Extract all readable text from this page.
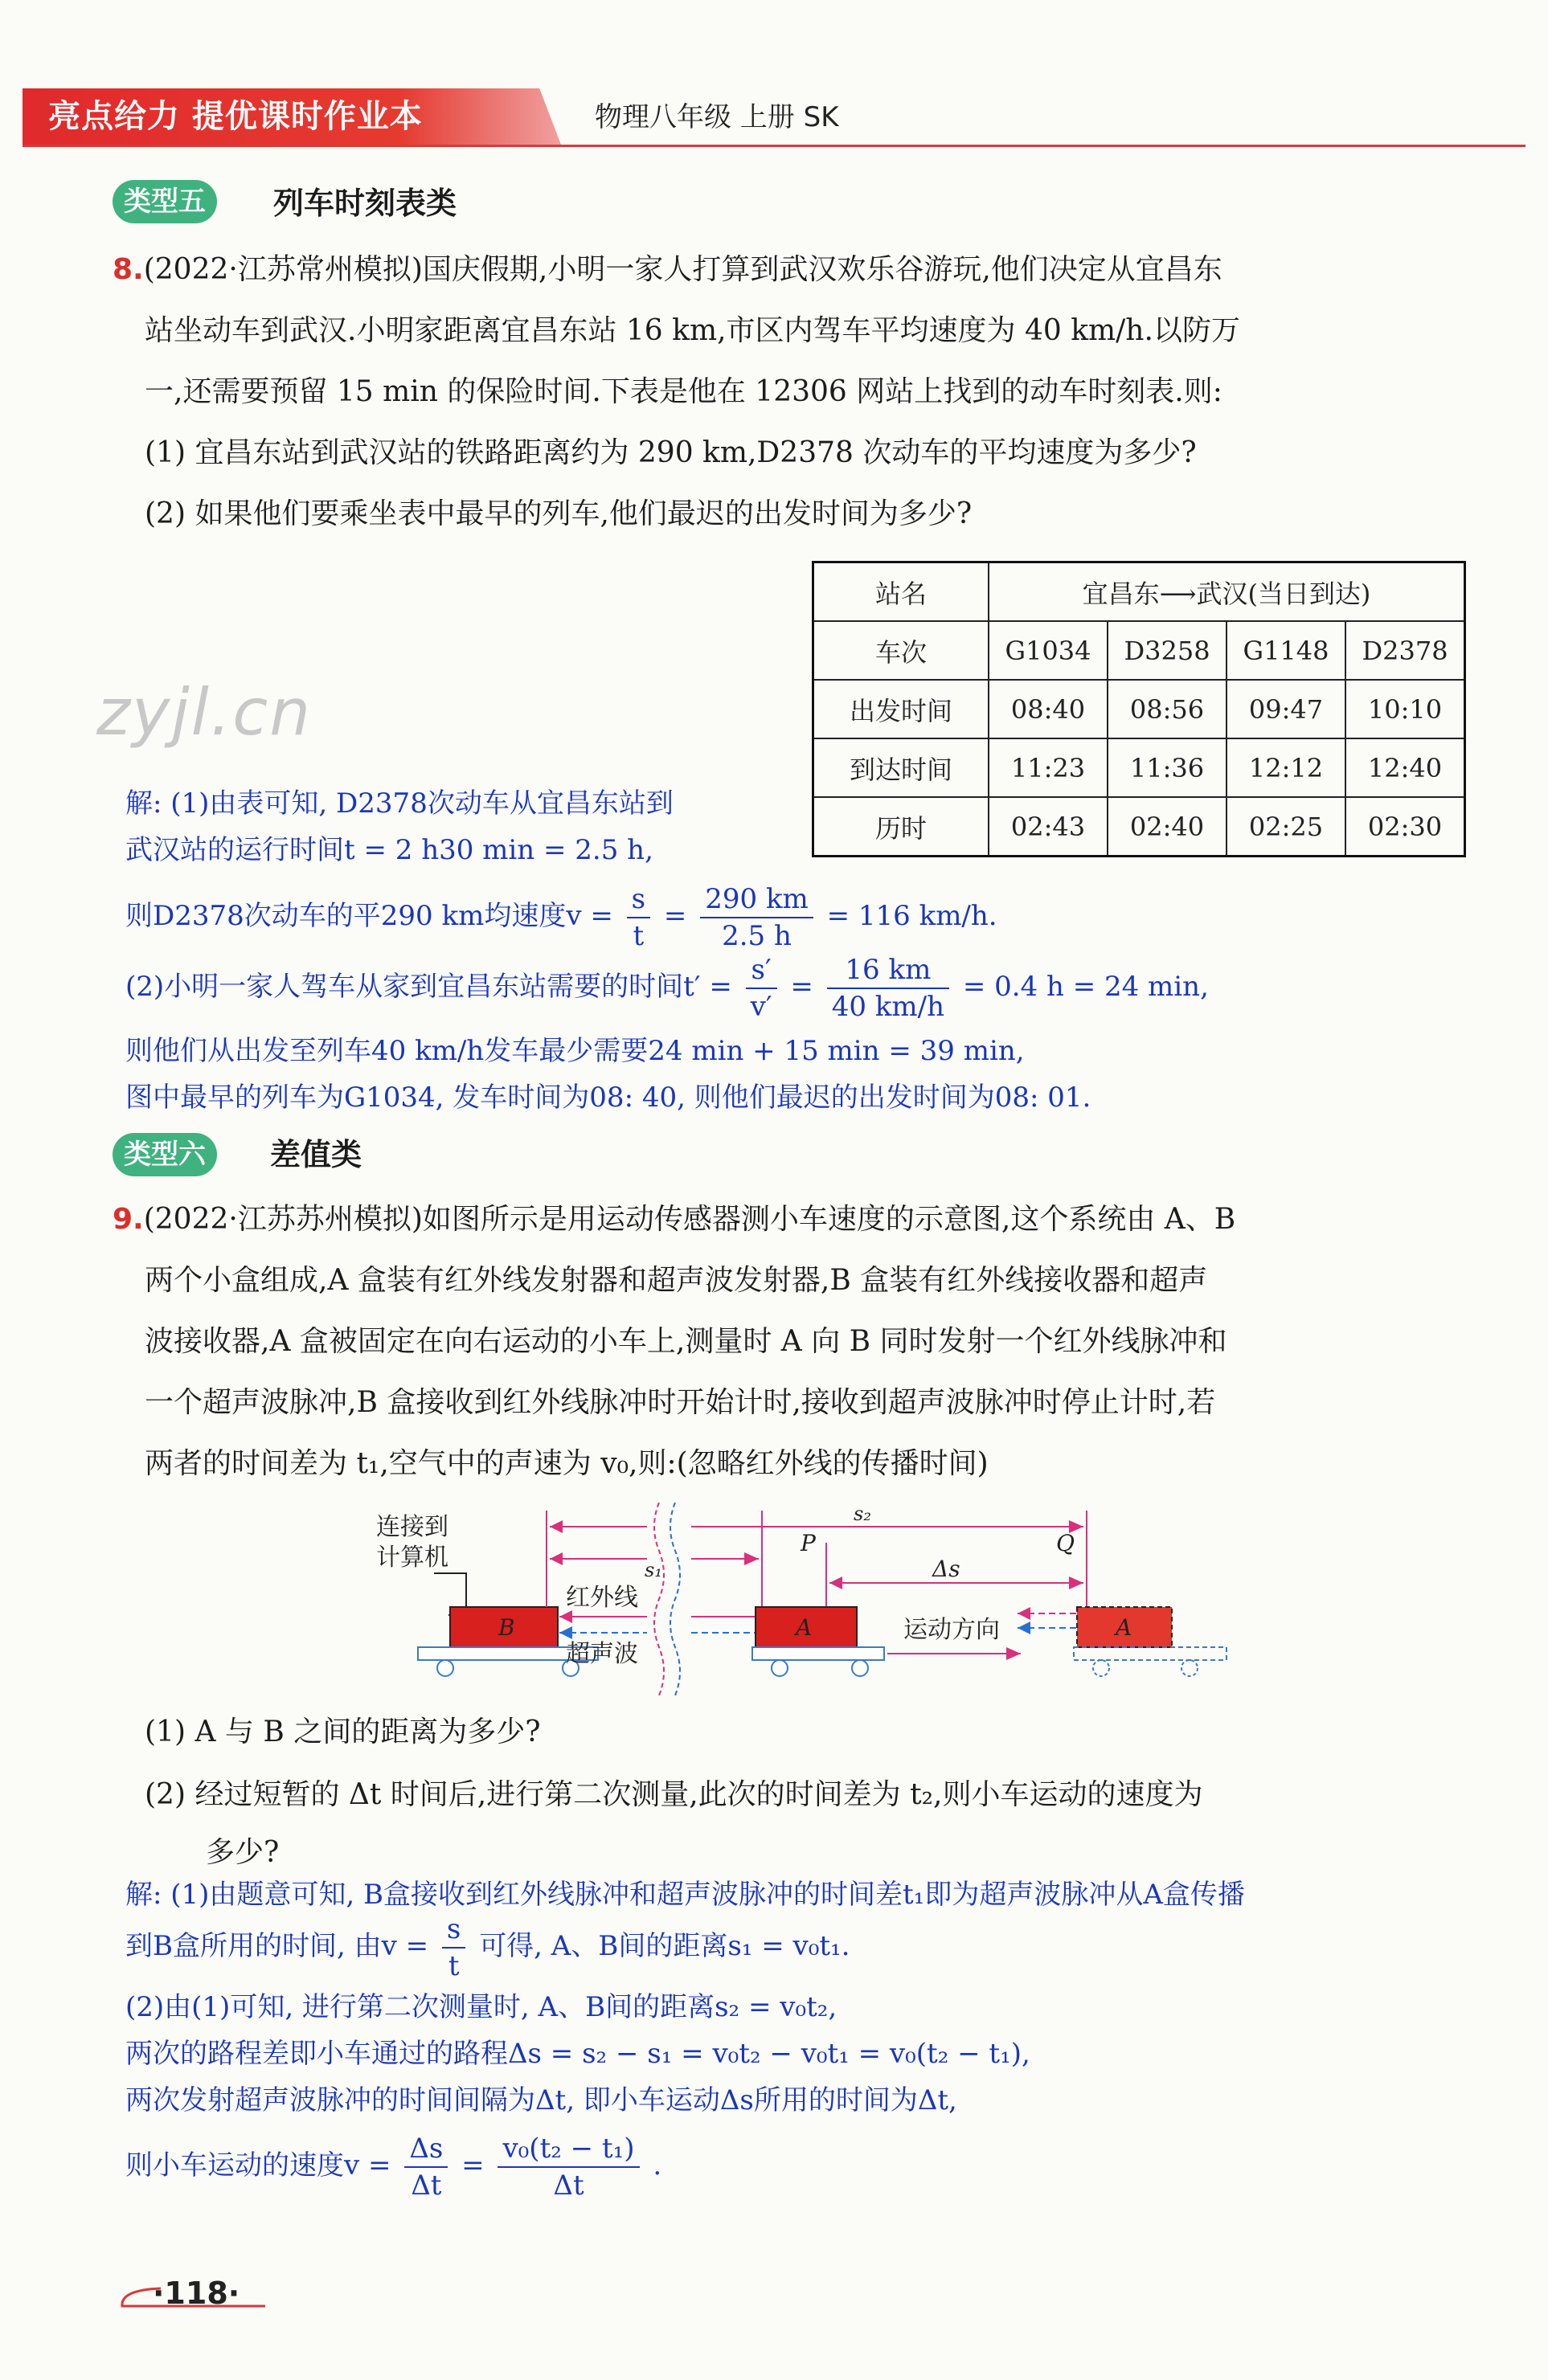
亮点给力 提优课时作业本	物理八年级 上册 SK
类型五	列车时刻表类
8.(2022·江苏常州模拟)国庆假期,小明一家人打算到武汉欢乐谷游玩,他们决定从宜昌东
站坐动车到武汉.小明家距离宜昌东站 16 km,市区内驾车平均速度为 40 km/h.以防万
一,还需要预留 15 min 的保险时间.下表是他在 12306 网站上找到的动车时刻表.则:
(1) 宜昌东站到武汉站的铁路距离约为 290 km,D2378 次动车的平均速度为多少?
(2) 如果他们要乘坐表中最早的列车,他们最迟的出发时间为多少?
站名	宜昌东⟶武汉(当日到达)			
车次	G1034	D3258	G1148	D2378
出发时间	08:40	08:56	09:47	10:10
到达时间	11:23	11:36	12:12	12:40
历时	02:43	02:40	02:25	02:30
zyjl.cn
解: (1)由表可知, D2378次动车从宜昌东站到
武汉站的运行时间t = 2 h30 min = 2.5 h,
则D2378次动车的平290 km均速度$v = \frac{s}{t} = \frac{290 km}{2.5 h} = 116$ km/h.
(2)小明一家人驾车从家到宜昌东站需要的时间$t' = \frac{s'}{v'} = \frac{16 km}{40 km/h} = 0.4$ h = 24 min,
则他们从出发至列车40 km/h发车最少需要24 min + 15 min = 39 min,
图中最早的列车为G1034, 发车时间为08: 40, 则他们最迟的出发时间为08: 01.
类型六	差值类
9.(2022·江苏苏州模拟)如图所示是用运动传感器测小车速度的示意图,这个系统由 A、B
两个小盒组成,A 盒装有红外线发射器和超声波发射器,B 盒装有红外线接收器和超声
波接收器,A 盒被固定在向右运动的小车上,测量时 A 向 B 同时发射一个红外线脉冲和
一个超声波脉冲,B 盒接收到红外线脉冲时开始计时,接收到超声波脉冲时停止计时,若
两者的时间差为 t₁,空气中的声速为 v₀,则:(忽略红外线的传播时间)
连接到
计算机
B
s₂
P	Q
s₁	Δs
红外线
超声波
A	运动方向	A
(1) A 与 B 之间的距离为多少?
(2) 经过短暂的 Δt 时间后,进行第二次测量,此次的时间差为 t₂,则小车运动的速度为
多少?
解: (1)由题意可知, B盒接收到红外线脉冲和超声波脉冲的时间差t₁即为超声波脉冲从A盒传播
到B盒所用的时间, 由$v = \frac{s}{t}$ 可得, A、B间的距离s₁ = v₀t₁.
(2)由(1)可知, 进行第二次测量时, A、B间的距离s₂ = v₀t₂,
两次的路程差即小车通过的路程Δs = s₂ − s₁ = v₀t₂ − v₀t₁ = v₀(t₂ − t₁),
两次发射超声波脉冲的时间间隔为Δt, 即小车运动Δs所用的时间为Δt,
则小车运动的速度$v = \frac{\Delta s}{\Delta t} = \frac{\text{v₀(t₂ − t₁)}}{\Delta t}$ .
·118·
